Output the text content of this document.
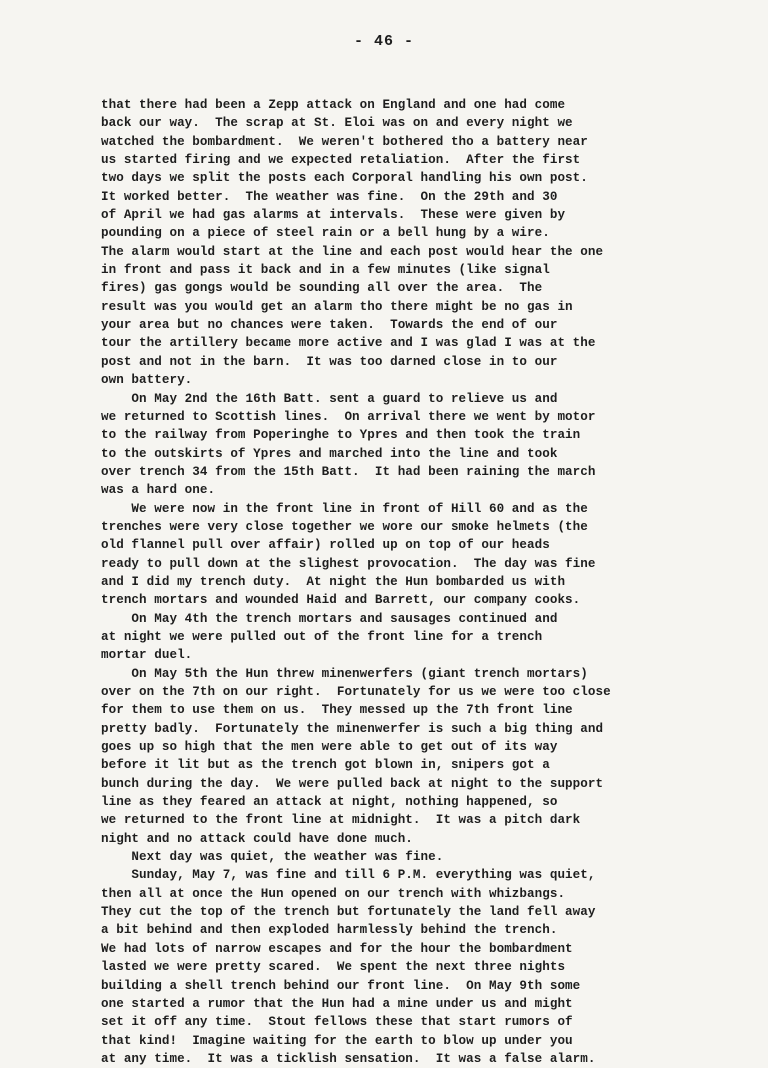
- 46 -
that there had been a Zepp attack on England and one had come
back our way.  The scrap at St. Eloi was on and every night we
watched the bombardment.  We weren't bothered tho a battery near
us started firing and we expected retaliation.  After the first
two days we split the posts each Corporal handling his own post.
It worked better.  The weather was fine.  On the 29th and 30
of April we had gas alarms at intervals.  These were given by
pounding on a piece of steel rain or a bell hung by a wire.
The alarm would start at the line and each post would hear the one
in front and pass it back and in a few minutes (like signal
fires) gas gongs would be sounding all over the area.  The
result was you would get an alarm tho there might be no gas in
your area but no chances were taken.  Towards the end of our
tour the artillery became more active and I was glad I was at the
post and not in the barn.  It was too darned close in to our
own battery.
On May 2nd the 16th Batt. sent a guard to relieve us and
we returned to Scottish lines.  On arrival there we went by motor
to the railway from Poperinghe to Ypres and then took the train
to the outskirts of Ypres and marched into the line and took
over trench 34 from the 15th Batt.  It had been raining the march
was a hard one.
We were now in the front line in front of Hill 60 and as the
trenches were very close together we wore our smoke helmets (the
old flannel pull over affair) rolled up on top of our heads
ready to pull down at the slighest provocation.  The day was fine
and I did my trench duty.  At night the Hun bombarded us with
trench mortars and wounded Haid and Barrett, our company cooks.
On May 4th the trench mortars and sausages continued and
at night we were pulled out of the front line for a trench
mortar duel.
On May 5th the Hun threw minenwerfers (giant trench mortars)
over on the 7th on our right.  Fortunately for us we were too close
for them to use them on us.  They messed up the 7th front line
pretty badly.  Fortunately the minenwerfer is such a big thing and
goes up so high that the men were able to get out of its way
before it lit but as the trench got blown in, snipers got a
bunch during the day.  We were pulled back at night to the support
line as they feared an attack at night, nothing happened, so
we returned to the front line at midnight.  It was a pitch dark
night and no attack could have done much.
Next day was quiet, the weather was fine.
Sunday, May 7, was fine and till 6 P.M. everything was quiet,
then all at once the Hun opened on our trench with whizbangs.
They cut the top of the trench but fortunately the land fell away
a bit behind and then exploded harmlessly behind the trench.
We had lots of narrow escapes and for the hour the bombardment
lasted we were pretty scared.  We spent the next three nights
building a shell trench behind our front line.  On May 9th some
one started a rumor that the Hun had a mine under us and might
set it off any time.  Stout fellows these that start rumors of
that kind!  Imagine waiting for the earth to blow up under you
at any time.  It was a ticklish sensation.  It was a false alarm.
